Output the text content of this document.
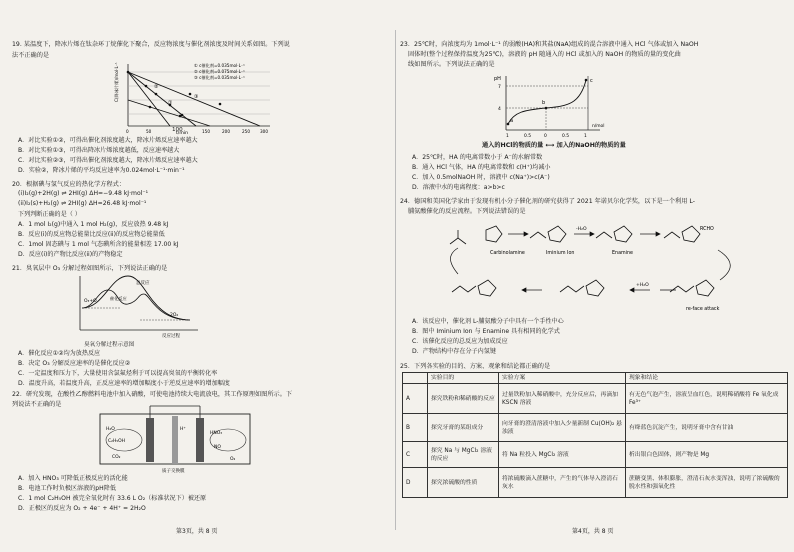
19. 某温度下，降冰片烯在钛杂环丁烷催化下聚合，反应物浓度与催化剂浓度及时间关系如图。下列说
法不正确的是
①
②
③
① c催化剂=0.035mol·L⁻¹
② c催化剂=0.075mol·L⁻¹
③ c催化剂=0.035mol·L⁻¹
C(降冰片烯)/mol·L⁻¹
t/min
0	50	150	200	250 300
100
A．对比实验①②，可得出催化剂浓度越大，降冰片烯反应速率越大
B．对比实验①③，可得出降冰片烯浓度越低，反应速率越大
C．对比实验②③，可得出催化剂浓度越大，降冰片烯反应速率越大
D．实验②，降冰片烯的平均反应速率为0.024mol·L⁻¹·min⁻¹
20．根据碘与氢气反应的热化学方程式：
(i)I₂(g)+2H(g) ⇌ 2HI(g) ΔH=−9.48 kJ·mol⁻¹
(ii)I₂(s)+H₂(g) ⇌ 2HI(g) ΔH=26.48 kJ·mol⁻¹
下列判断正确的是（ ）
A．1 mol I₂(g)中通入 1 mol H₂(g)，反应放热 9.48 kJ
B．反应(i)的反应物总能量比反应(ii)的反应物总能量低
C．1mol 固态碘与 1 mol 气态碘所含的能量相差 17.00 kJ
D．反应(i)的产物比反应(ii)的产物稳定
21．臭氧层中 O₃ 分解过程如图所示，下列说法正确的是
总反应
O₃+O
2O₂
催化反应
反应过程
臭氧分解过程示意图
A．催化反应①②均为放热反应
B．决定 O₃ 分解反应速率的是催化反应②
C．一定温度和压力下，大量使用含氯氟烃利于可以提高臭氧的平衡转化率
D．温度升高，若温度升高，正反应速率的增加幅度小于逆反应速率的增加幅度
22．研究发现，在酸性乙醇燃料电池中加入硝酸，可使电池持续大电流放电，其工作原理如图所示。下
列说法不正确的是
H₂O
C₂H₅OH
HNO₃
NO
CO₂	O₂
H⁺
质子交换膜
A．加入 HNO₃ 可降低正极反应的活化能
B．电池工作时负极区溶液的pH降低
C．1 mol C₂H₅OH 被完全氧化时有 33.6 L O₂（标准状况下）被还原
D．正极区的反应为 O₂ + 4e⁻ + 4H⁺ = 2H₂O
第3页，共 8 页
23．25℃时，向浓度均为 1mol·L⁻¹ 的弱酸(HA)和其盐(NaA)组成的混合溶液中通入 HCl 气体或加入 NaOH
固体时(整个过程保持温度为25℃)，溶液的 pH 随通入的 HCl 或加入的 NaOH 的物质的量的变化曲
线如图所示。下列说法正确的是
pH
7
4
a
b
c
1	0.5	0	0.5	1
n/mol
通入的HCl的物质的量 ⟷ 加入的NaOH的物质的量
A．25℃时，HA 的电离常数小于 A⁻的水解常数
B．通入 HCl 气体，HA 的电离常数和 c(H⁺)均减小
C．加入 0.5molNaOH 时，溶液中 c(Na⁺)>c(A⁻)
D．溶液中水的电离程度：a>b>c
24．德国和美国化学家由于发现有机小分子催化剂的研究获得了 2021 年诺贝尔化学奖，以下是一个利用 L-
脯氨酸催化的反应流程。下列说法错误的是
Carbinolamine	Iminium Ion	Enamine
RCHO
re-face attack
+H₂O
-H₂O
A．该反应中，催化剂 L-脯氨酸分子中具有一个手性中心
B．图中 Iminium Ion 与 Enamine 具有相同的化学式
C．该催化反应的总反应为加成反应
D．产物结构中存在分子内氢键
25．下列各实验的目的、方案、观象和结论都正确的是
	实验目的	实验方案	现象和结论
A	探究铁粉和稀硝酸的反应	过量铁粉加入稀硝酸中，充分反应后，再滴加 KSCN 溶液	有无色气泡产生，溶液呈血红色，说明稀硝酸将 Fe 氧化成 Fe³⁺
B	探究牙膏的某组成分	向牙膏的澄清溶液中加入少量新制 Cu(OH)₂ 悬浊液	有绛蓝色沉淀产生，说明牙膏中含有甘油
C	探究 Na 与 MgCl₂ 溶液的反应	将 Na 粒投入 MgCl₂ 溶液	析出银白色固体，则产物是 Mg
D	探究浓硫酸的性质	将浓硫酸滴入蔗糖中，产生的气体导入澄清石灰水	蔗糖变黑、体积膨胀，澄清石灰水变浑浊，说明了浓硫酸的脱水性和强氧化性
第4页，共 8 页
